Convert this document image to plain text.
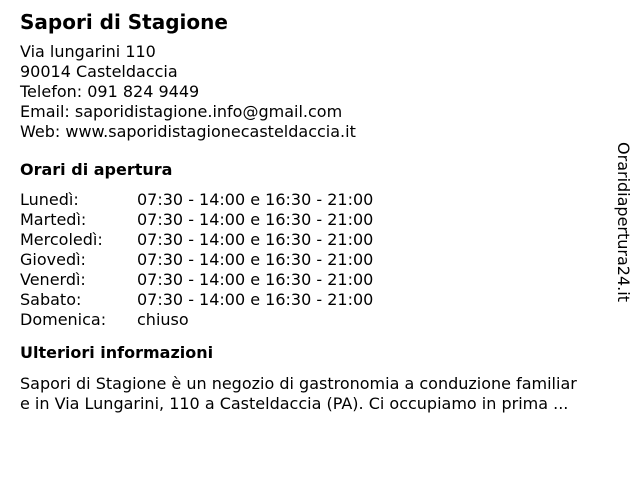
Sapori di Stagione
Via lungarini 110
90014 Casteldaccia
Telefon: 091 824 9449
Email: saporidistagione.info@gmail.com
Web: www.saporidistagionecasteldaccia.it
Orari di apertura
Lunedì:	07:30 - 14:00 e 16:30 - 21:00
Martedì:	07:30 - 14:00 e 16:30 - 21:00
Mercoledì:	07:30 - 14:00 e 16:30 - 21:00
Giovedì:	07:30 - 14:00 e 16:30 - 21:00
Venerdì:	07:30 - 14:00 e 16:30 - 21:00
Sabato:	07:30 - 14:00 e 16:30 - 21:00
Domenica:	chiuso
Ulteriori informazioni
Sapori di Stagione è un negozio di gastronomia a conduzione familiar
e in Via Lungarini, 110 a Casteldaccia (PA). Ci occupiamo in prima ...
Oraridiapertura24.it
